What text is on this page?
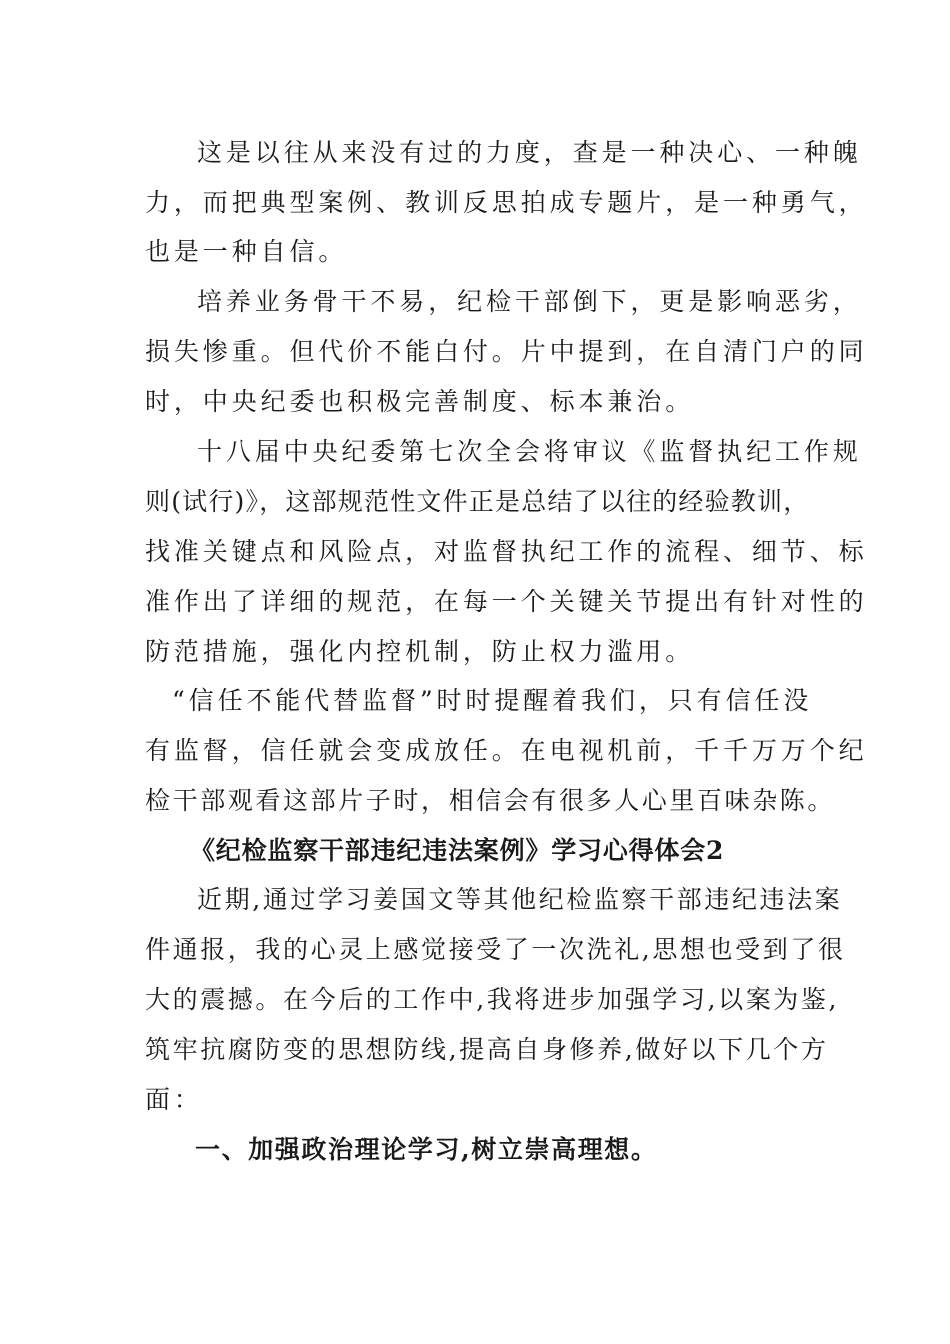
这是以往从来没有过的力度，查是一种决心、一种魄
力，而把典型案例、教训反思拍成专题片，是一种勇气，
也是一种自信。
培养业务骨干不易，纪检干部倒下，更是影响恶劣，
损失惨重。但代价不能白付。片中提到，在自清门户的同
时，中央纪委也积极完善制度、标本兼治。
十八届中央纪委第七次全会将审议《监督执纪工作规
则(试行)》，这部规范性文件正是总结了以往的经验教训，
找准关键点和风险点，对监督执纪工作的流程、细节、标
准作出了详细的规范，在每一个关键关节提出有针对性的
防范措施，强化内控机制，防止权力滥用。
“信任不能代替监督”时时提醒着我们，只有信任没
有监督，信任就会变成放任。在电视机前，千千万万个纪
检干部观看这部片子时，相信会有很多人心里百味杂陈。
《纪检监察干部违纪违法案例》学习心得体会2
近期,通过学习姜国文等其他纪检监察干部违纪违法案
件通报，我的心灵上感觉接受了一次洗礼,思想也受到了很
大的震撼。在今后的工作中,我将进步加强学习,以案为鉴,
筑牢抗腐防变的思想防线,提高自身修养,做好以下几个方
面：
一、加强政治理论学习,树立崇高理想。
